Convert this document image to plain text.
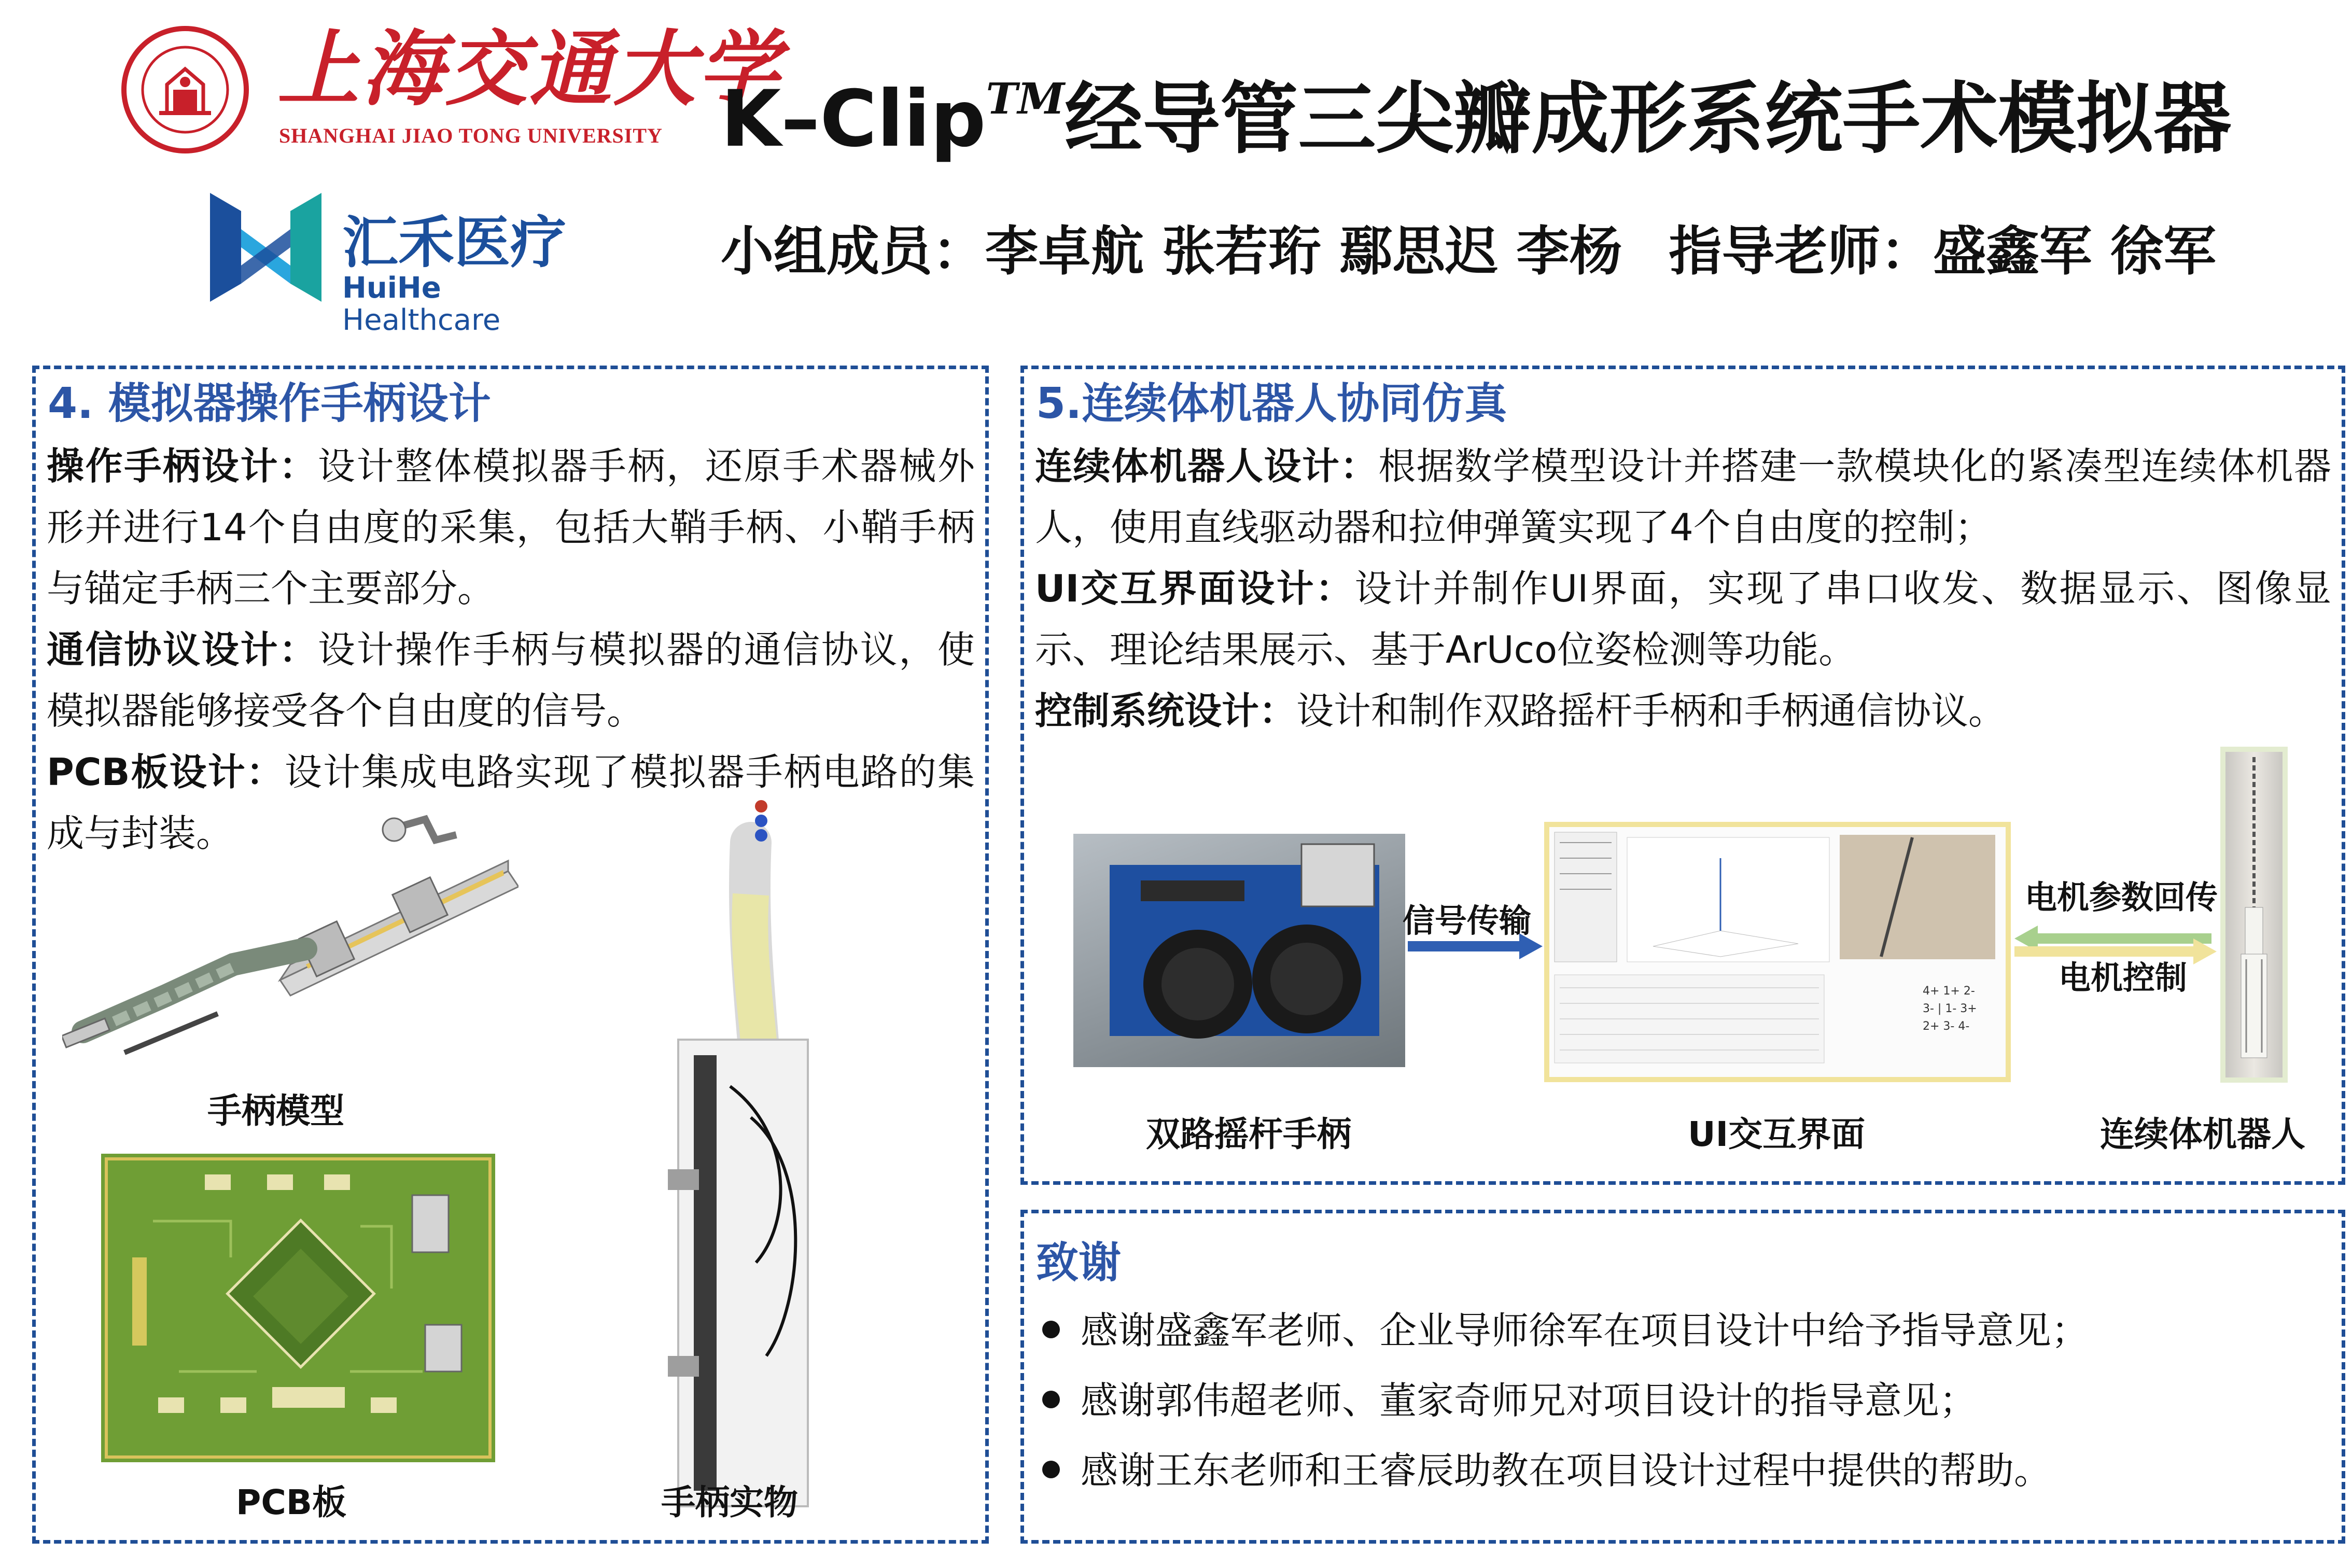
上海交通大学
SHANGHAI JIAO TONG UNIVERSITY
汇禾医疗
HuiHe
Healthcare
K–Clip™经导管三尖瓣成形系统手术模拟器
小组成员：李卓航 张若珩 鄢思迟 李杨 指导老师：盛鑫军 徐军
4. 模拟器操作手柄设计
操作手柄设计：设计整体模拟器手柄，还原手术器械外形并进行14个自由度的采集，包括大鞘手柄、小鞘手柄与锚定手柄三个主要部分。
通信协议设计：设计操作手柄与模拟器的通信协议，使模拟器能够接受各个自由度的信号。
PCB板设计：设计集成电路实现了模拟器手柄电路的集成与封装。
手柄模型
PCB板	手柄实物
5.连续体机器人协同仿真
连续体机器人设计：根据数学模型设计并搭建一款模块化的紧凑型连续体机器人，使用直线驱动器和拉伸弹簧实现了4个自由度的控制；
UI交互界面设计：设计并制作UI界面，实现了串口收发、数据显示、图像显示、理论结果展示、基于ArUco位姿检测等功能。
控制系统设计：设计和制作双路摇杆手柄和手柄通信协议。
双路摇杆手柄
信号传输
4+ 1+ 2-
3- | 1- 3+
2+ 3- 4-
UI交互界面
电机参数回传
电机控制
连续体机器人
致谢
感谢盛鑫军老师、企业导师徐军在项目设计中给予指导意见；
感谢郭伟超老师、董家奇师兄对项目设计的指导意见；
感谢王东老师和王睿辰助教在项目设计过程中提供的帮助。
